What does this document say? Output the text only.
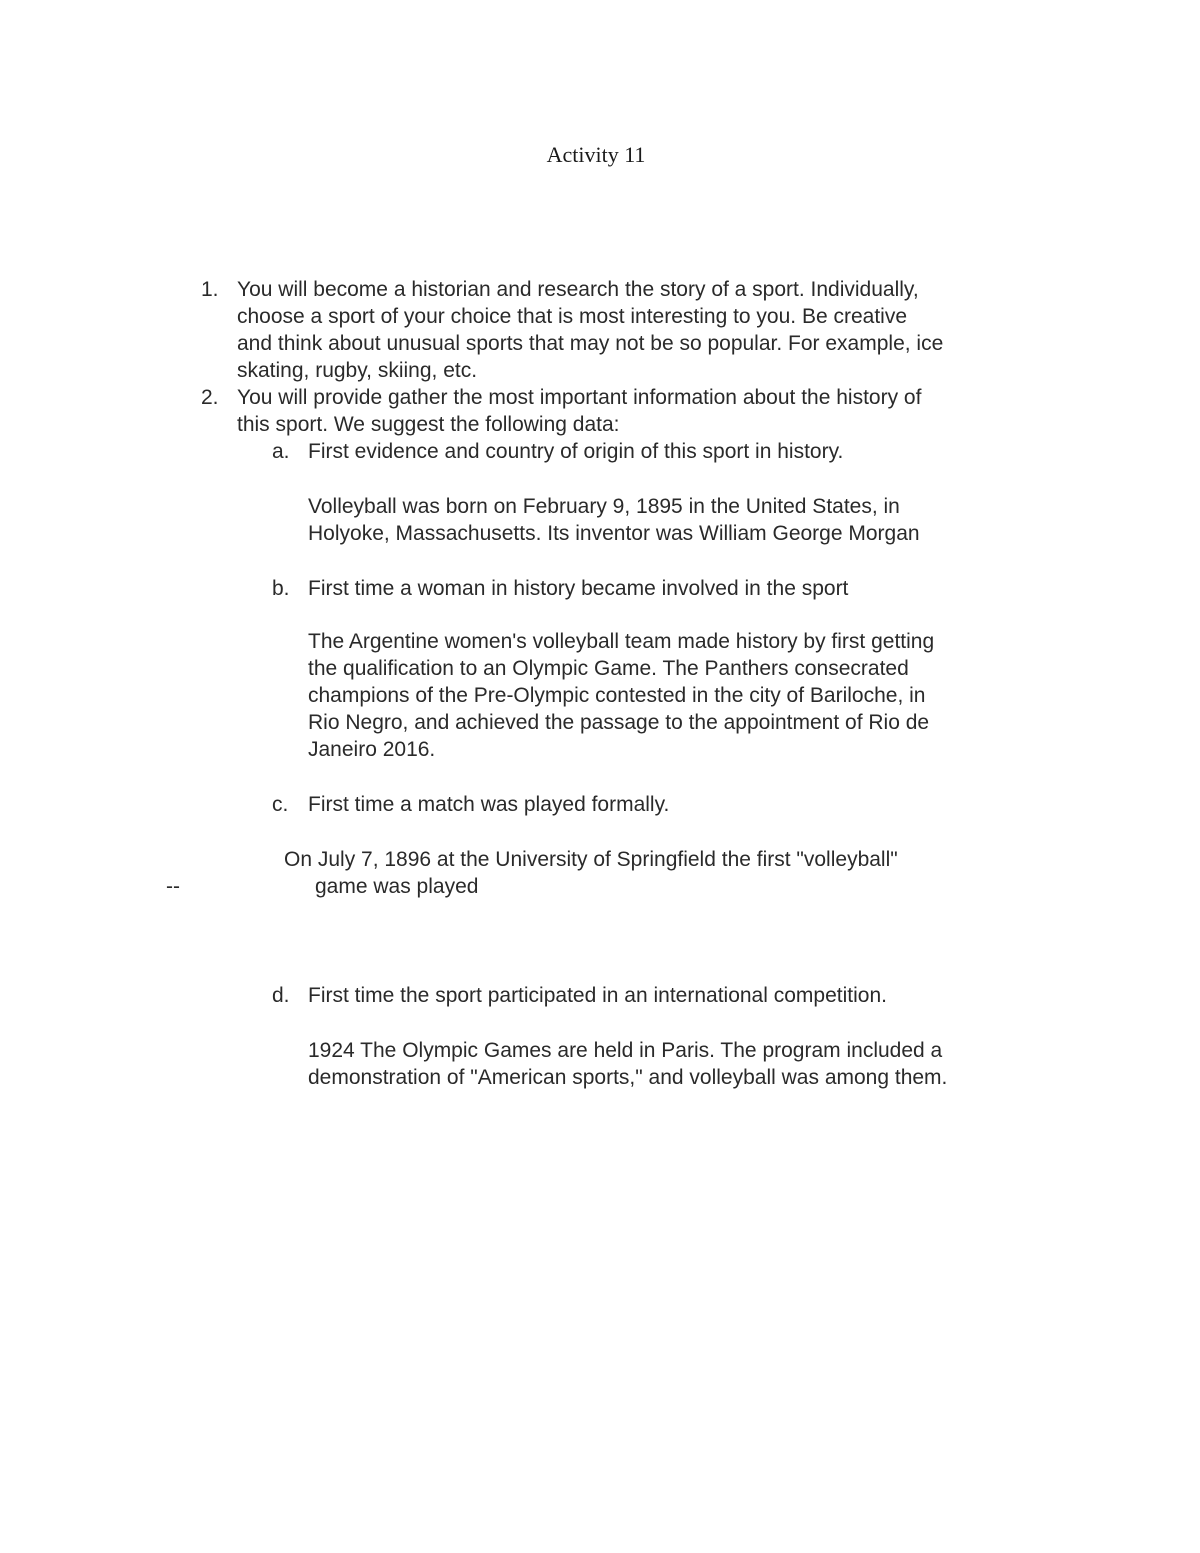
Activity 11
1. You will become a historian and research the story of a sport. Individually,
choose a sport of your choice that is most interesting to you. Be creative
and think about unusual sports that may not be so popular. For example, ice
skating, rugby, skiing, etc.
2. You will provide gather the most important information about the history of
this sport. We suggest the following data:
a. First evidence and country of origin of this sport in history.
Volleyball was born on February 9, 1895 in the United States, in
Holyoke, Massachusetts. Its inventor was William George Morgan
b. First time a woman in history became involved in the sport
The Argentine women's volleyball team made history by first getting
the qualification to an Olympic Game. The Panthers consecrated
champions of the Pre-Olympic contested in the city of Bariloche, in
Rio Negro, and achieved the passage to the appointment of Rio de
Janeiro 2016.
c. First time a match was played formally.
On July 7, 1896 at the University of Springfield the first "volleyball"
--	game was played
d. First time the sport participated in an international competition.
1924 The Olympic Games are held in Paris. The program included a
demonstration of "American sports," and volleyball was among them.
